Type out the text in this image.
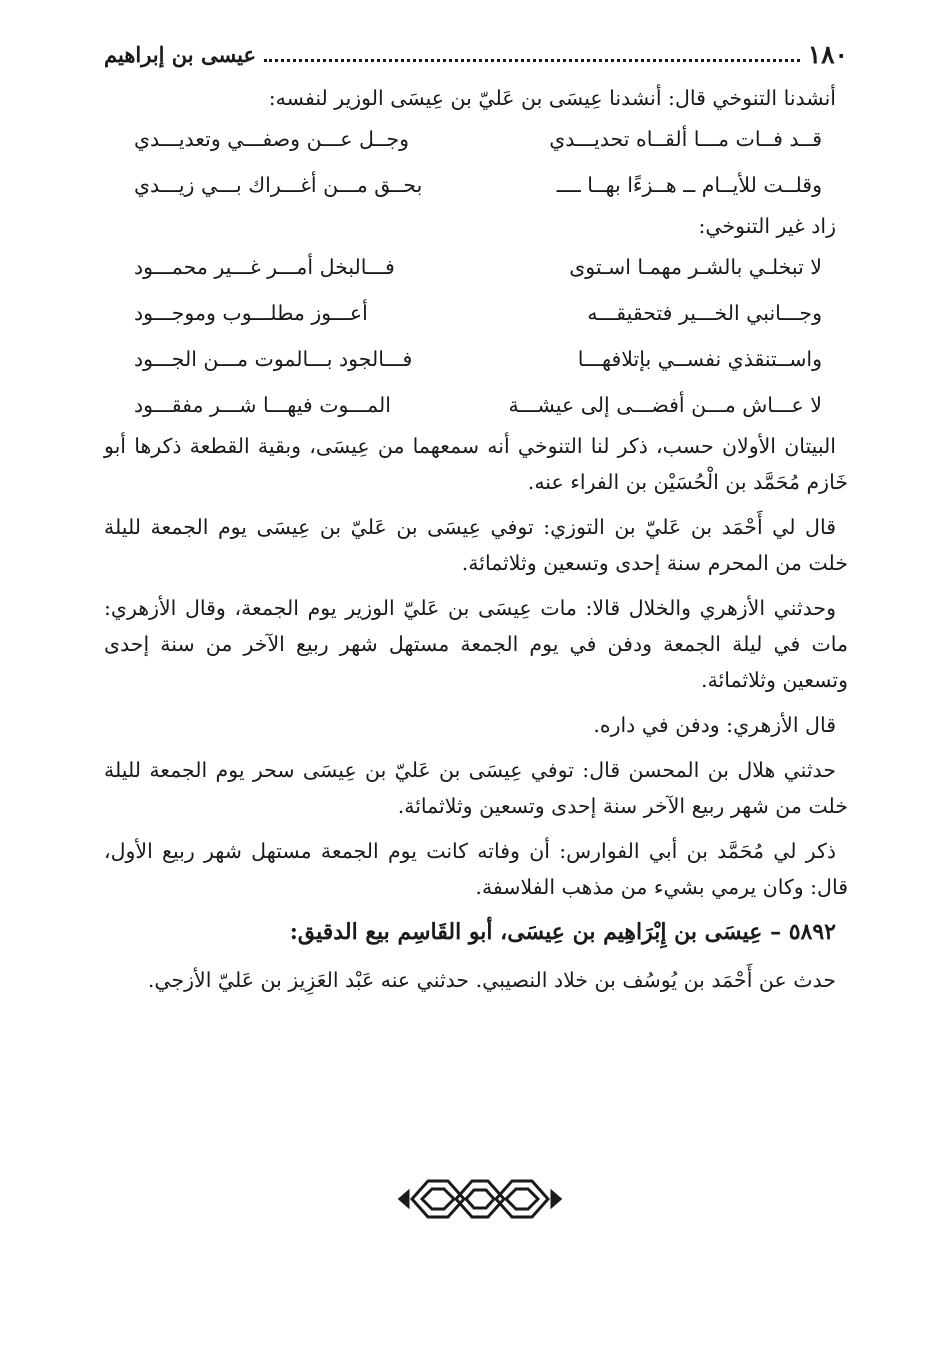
١٨٠
عيسى بن إبراهيم
أنشدنا التنوخي قال: أنشدنا عِيسَى بن عَليّ بن عِيسَى الوزير لنفسه:
قــد فــات مـــا ألقــاه تحديـــدي
وجــل عـــن وصفـــي وتعديـــدي
وقلــت للأيــام ــ هــزءًا بهــا ــــ
بحــق مـــن أغـــراك بـــي زيـــدي
زاد غير التنوخي:
لا تبخلـي بالشـر مهمـا اسـتوى
فـــالبخل أمـــر غـــير محمـــود
وجـــانبي الخـــير فتحقيقـــه
أعـــوز مطلـــوب وموجـــود
واســتنقذي نفســي بإتلافهـــا
فـــالجود بـــالموت مـــن الجـــود
لا عـــاش مـــن أفضـــى إلى عيشـــة
المـــوت فيهـــا شـــر مفقـــود

البيتان الأولان حسب، ذكر لنا التنوخي أنه سمعهما من عِيسَى، وبقية القطعة ذكرها أبو خَازم مُحَمَّد بن الْحُسَيْن بن الفراء عنه.

قال لي أَحْمَد بن عَليّ بن التوزي: توفي عِيسَى بن عَليّ بن عِيسَى يوم الجمعة لليلة خلت من المحرم سنة إحدى وتسعين وثلاثمائة.

وحدثني الأزهري والخلال قالا: مات عِيسَى بن عَليّ الوزير يوم الجمعة، وقال الأزهري: مات في ليلة الجمعة ودفن في يوم الجمعة مستهل شهر ربيع الآخر من سنة إحدى وتسعين وثلاثمائة.

قال الأزهري: ودفن في داره.

حدثني هلال بن المحسن قال: توفي عِيسَى بن عَليّ بن عِيسَى سحر يوم الجمعة لليلة خلت من شهر ربيع الآخر سنة إحدى وتسعين وثلاثمائة.

ذكر لي مُحَمَّد بن أبي الفوارس: أن وفاته كانت يوم الجمعة مستهل شهر ربيع الأول، قال: وكان يرمي بشيء من مذهب الفلاسفة.

٥٨٩٢ – عِيسَى بن إِبْرَاهِيم بن عِيسَى، أبو القَاسِم بيع الدقيق:

حدث عن أَحْمَد بن يُوسُف بن خلاد النصيبي. حدثني عنه عَبْد العَزِيز بن عَليّ الأزجي.
